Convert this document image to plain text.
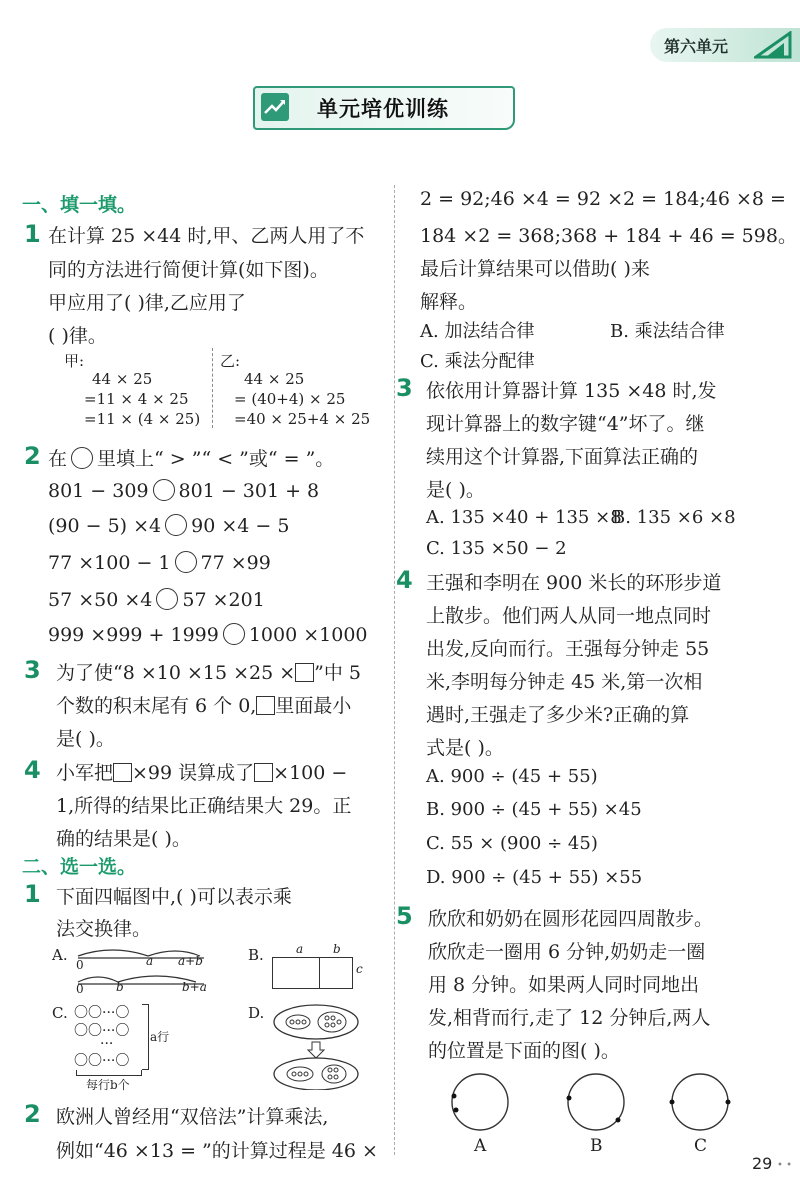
第六单元
单元培优训练
一、填一填。
1 在计算 25 ×44 时,甲、乙两人用了不
同的方法进行简便计算(如下图)。
甲应用了( )律,乙应用了
( )律。
甲:
44 × 25
=11 × 4 × 25
=11 × (4 × 25)
乙:
44 × 25
= (40+4) × 25
=40 × 25+4 × 25
2 在 里填上“ > ”“ < ”或“ = ”。
801 − 309 801 − 301 + 8
(90 − 5) ×4 90 ×4 − 5
77 ×100 − 1 77 ×99
57 ×50 ×4 57 ×201
999 ×999 + 1999 1000 ×1000
3 为了使“8 ×10 ×15 ×25 × ”中 5
个数的积末尾有 6 个 0, 里面最小
是( )。
4 小军把 ×99 误算成了 ×100 −
1,所得的结果比正确结果大 29。正
确的结果是( )。
二、选一选。
1 下面四幅图中,( )可以表示乘
法交换律。
A.
0	a a+b
0	b	b+a
B.	a b
c
C. 〇〇···〇
〇〇···〇
···
〇〇···〇
a行
每行b个
D.
2 欧洲人曾经用“双倍法”计算乘法,
例如“46 ×13 = ”的计算过程是 46 ×
2 = 92;46 ×4 = 92 ×2 = 184;46 ×8 =
184 ×2 = 368;368 + 184 + 46 = 598。
最后计算结果可以借助( )来
解释。
A. 加法结合律	B. 乘法结合律
C. 乘法分配律
3 依依用计算器计算 135 ×48 时,发
现计算器上的数字键“4”坏了。继
续用这个计算器,下面算法正确的
是( )。
A. 135 ×40 + 135 ×8
B. 135 ×6 ×8
C. 135 ×50 − 2
4 王强和李明在 900 米长的环形步道
上散步。他们两人从同一地点同时
出发,反向而行。王强每分钟走 55
米,李明每分钟走 45 米,第一次相
遇时,王强走了多少米?正确的算
式是( )。
A. 900 ÷ (45 + 55)
B. 900 ÷ (45 + 55) ×45
C. 55 × (900 ÷ 45)
D. 900 ÷ (45 + 55) ×55
5 欣欣和奶奶在圆形花园四周散步。
欣欣走一圈用 6 分钟,奶奶走一圈
用 8 分钟。如果两人同时同地出
发,相背而行,走了 12 分钟后,两人
的位置是下面的图( )。
A	B	C
29 • •
